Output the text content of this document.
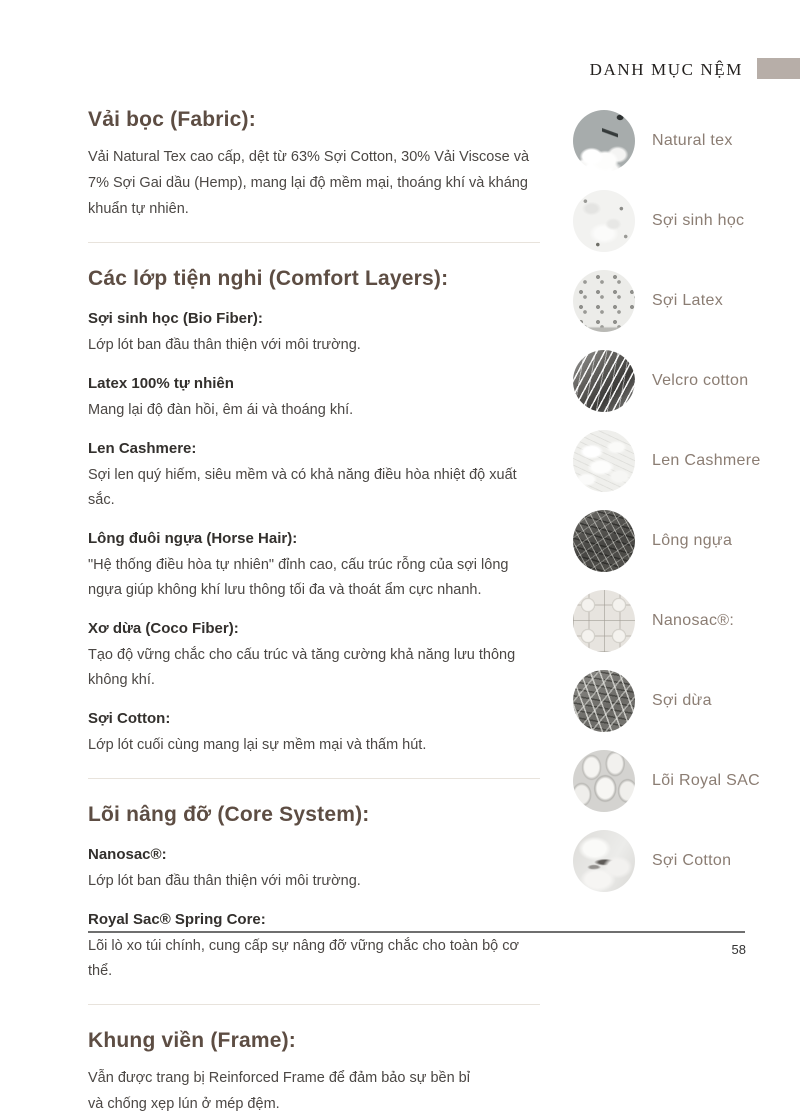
DANH MỤC NỆM
Vải bọc (Fabric):

Vải Natural Tex cao cấp, dệt từ 63% Sợi Cotton, 30% Vải Viscose và 7% Sợi Gai dầu (Hemp), mang lại độ mềm mại, thoáng khí và kháng khuẩn tự nhiên.

Các lớp tiện nghi (Comfort Layers):
Sợi sinh học (Bio Fiber):
Lớp lót ban đầu thân thiện với môi trường.
Latex 100% tự nhiên
Mang lại độ đàn hồi, êm ái và thoáng khí.
Len Cashmere:
Sợi len quý hiếm, siêu mềm và có khả năng điều hòa nhiệt độ xuất sắc.
Lông đuôi ngựa (Horse Hair):
"Hệ thống điều hòa tự nhiên" đỉnh cao, cấu trúc rỗng của sợi lông ngựa giúp không khí lưu thông tối đa và thoát ẩm cực nhanh.
Xơ dừa (Coco Fiber):
Tạo độ vững chắc cho cấu trúc và tăng cường khả năng lưu thông không khí.
Sợi Cotton:
Lớp lót cuối cùng mang lại sự mềm mại và thấm hút.
Lõi nâng đỡ (Core System):
Nanosac®:
Lớp lót ban đầu thân thiện với môi trường.
Royal Sac® Spring Core:
Lõi lò xo túi chính, cung cấp sự nâng đỡ vững chắc cho toàn bộ cơ thể.
Khung viền (Frame):

Vẫn được trang bị Reinforced Frame để đảm bảo sự bền bỉ

và chống xẹp lún ở mép đệm.

Natural tex
Sợi sinh học
Sợi Latex
Velcro cotton
Len Cashmere
Lông ngựa
Nanosac®:
Sợi dừa
Lõi Royal SAC
Sợi Cotton
58
